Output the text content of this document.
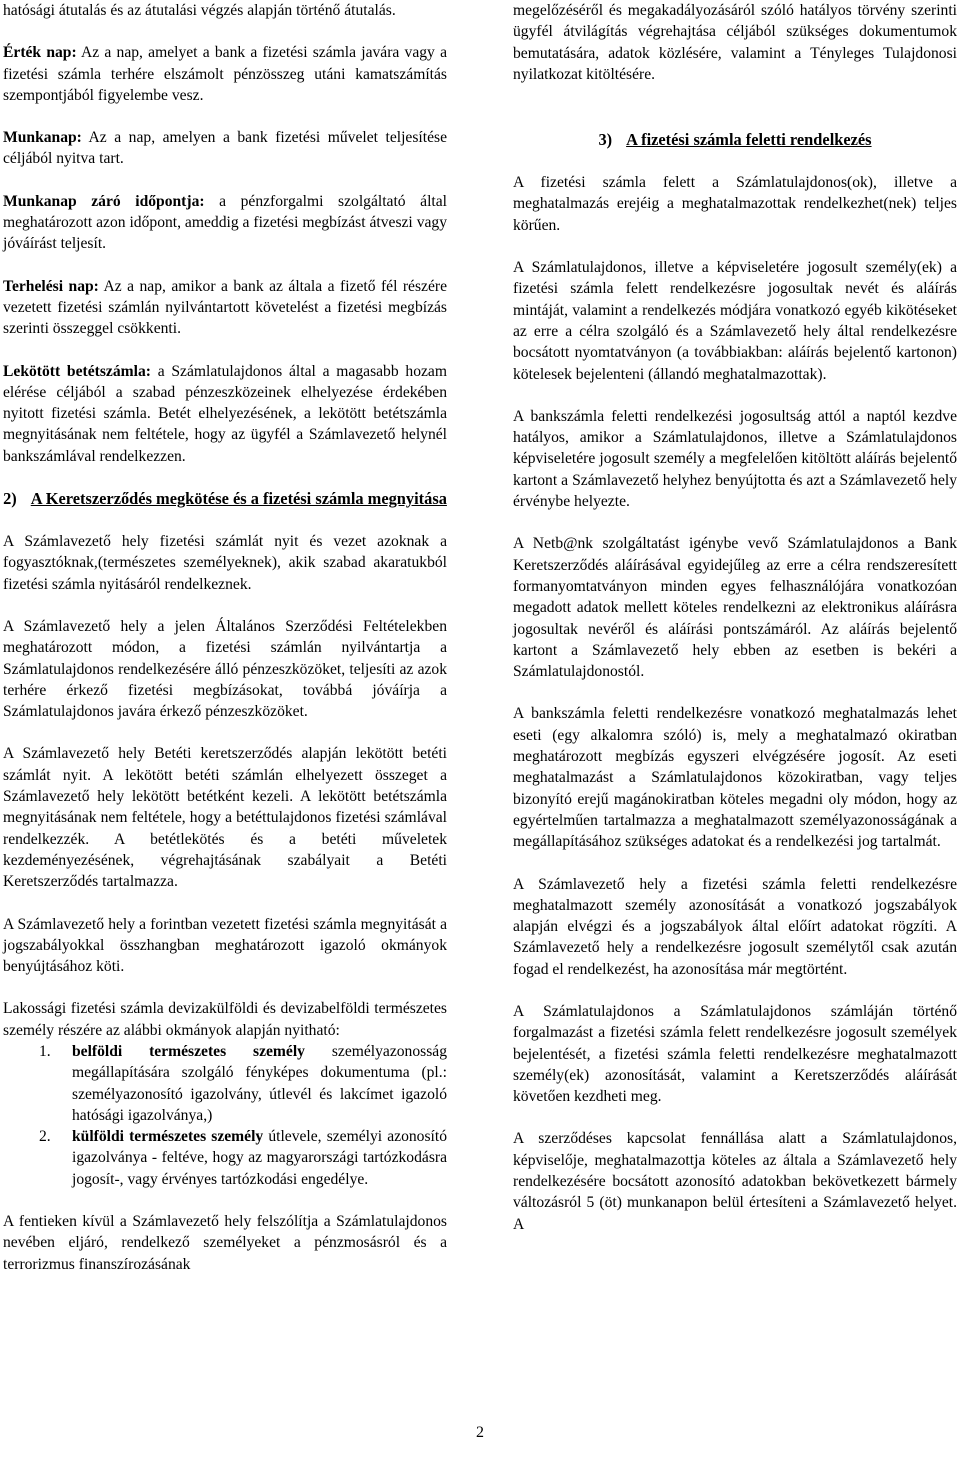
hatósági átutalás és az átutalási végzés alapján történő átutalás.

Érték nap: Az a nap, amelyet a bank a fizetési számla javára vagy a fizetési számla terhére elszámolt pénzösszeg utáni kamatszámítás szempontjából figyelembe vesz.

Munkanap: Az a nap, amelyen a bank fizetési művelet teljesítése céljából nyitva tart.

Munkanap záró időpontja: a pénzforgalmi szolgáltató által meghatározott azon időpont, ameddig a fizetési megbízást átveszi vagy jóváírást teljesít.

Terhelési nap: Az a nap, amikor a bank az általa a fizető fél részére vezetett fizetési számlán nyilvántartott követelést a fizetési megbízás szerinti összeggel csökkenti.

Lekötött betétszámla: a Számlatulajdonos által a magasabb hozam elérése céljából a szabad pénzeszközeinek elhelyezése érdekében nyitott fizetési számla. Betét elhelyezésének, a lekötött betétszámla megnyitásának nem feltétele, hogy az ügyfél a Számlavezető helynél bankszámlával rendelkezzen.

2) A Keretszerződés megkötése és a fizetési számla megnyitása

A Számlavezető hely fizetési számlát nyit és vezet azoknak a fogyasztóknak,(természetes személyeknek), akik szabad akaratukból fizetési számla nyitásáról rendelkeznek.

A Számlavezető hely a jelen Általános Szerződési Feltételekben meghatározott módon, a fizetési számlán nyilvántartja a Számlatulajdonos rendelkezésére álló pénzeszközöket, teljesíti az azok terhére érkező fizetési megbízásokat, továbbá jóváírja a Számlatulajdonos javára érkező pénzeszközöket.

A Számlavezető hely Betéti keretszerződés alapján lekötött betéti számlát nyit. A lekötött betéti számlán elhelyezett összeget a Számlavezető hely lekötött betétként kezeli. A lekötött betétszámla megnyitásának nem feltétele, hogy a betéttulajdonos fizetési számlával rendelkezzék. A betétlekötés és a betéti műveletek kezdeményezésének, végrehajtásának szabályait a Betéti Keretszerződés tartalmazza.

A Számlavezető hely a forintban vezetett fizetési számla megnyitását a jogszabályokkal összhangban meghatározott igazoló okmányok benyújtásához köti.

Lakossági fizetési számla devizakülföldi és devizabelföldi természetes személy részére az alábbi okmányok alapján nyitható:

1. belföldi természetes személy személyazonosság megállapítására szolgáló fényképes dokumentuma (pl.: személyazonosító igazolvány, útlevél és lakcímet igazoló hatósági igazolványa,)
2. külföldi természetes személy útlevele, személyi azonosító igazolványa - feltéve, hogy az magyarországi tartózkodásra jogosít-, vagy érvényes tartózkodási engedélye.

A fentieken kívül a Számlavezető hely felszólítja a Számlatulajdonos nevében eljáró, rendelkező személyeket a pénzmosásról és a terrorizmus finanszírozásának

megelőzéséről és megakadályozásáról szóló hatályos törvény szerinti ügyfél átvilágítás végrehajtása céljából szükséges dokumentumok bemutatására, adatok közlésére, valamint a Tényleges Tulajdonosi nyilatkozat kitöltésére.

3) A fizetési számla feletti rendelkezés

A fizetési számla felett a Számlatulajdonos(ok), illetve a meghatalmazás erejéig a meghatalmazottak rendelkezhet(nek) teljes körűen.

A Számlatulajdonos, illetve a képviseletére jogosult személy(ek) a fizetési számla felett rendelkezésre jogosultak nevét és aláírás mintáját, valamint a rendelkezés módjára vonatkozó egyéb kikötéseket az erre a célra szolgáló és a Számlavezető hely által rendelkezésre bocsátott nyomtatványon (a továbbiakban: aláírás bejelentő kartonon) kötelesek bejelenteni (állandó meghatalmazottak).

A bankszámla feletti rendelkezési jogosultság attól a naptól kezdve hatályos, amikor a Számlatulajdonos, illetve a Számlatulajdonos képviseletére jogosult személy a megfelelően kitöltött aláírás bejelentő kartont a Számlavezető helyhez benyújtotta és azt a Számlavezető hely érvénybe helyezte.

A Netb@nk szolgáltatást igénybe vevő Számlatulajdonos a Bank Keretszerződés aláírásával egyidejűleg az erre a célra rendszeresített formanyomtatványon minden egyes felhasználójára vonatkozóan megadott adatok mellett köteles rendelkezni az elektronikus aláírásra jogosultak nevéről és aláírási pontszámáról. Az aláírás bejelentő kartont a Számlavezető hely ebben az esetben is bekéri a Számlatulajdonostól.

A bankszámla feletti rendelkezésre vonatkozó meghatalmazás lehet eseti (egy alkalomra szóló) is, mely a meghatalmazó okiratban meghatározott megbízás egyszeri elvégzésére jogosít. Az eseti meghatalmazást a Számlatulajdonos közokiratban, vagy teljes bizonyító erejű magánokiratban köteles megadni oly módon, hogy az egyértelműen tartalmazza a meghatalmazott személyazonosságának a megállapításához szükséges adatokat és a rendelkezési jog tartalmát.

A Számlavezető hely a fizetési számla feletti rendelkezésre meghatalmazott személy azonosítását a vonatkozó jogszabályok alapján elvégzi és a jogszabályok által előírt adatokat rögzíti. A Számlavezető hely a rendelkezésre jogosult személytől csak azután fogad el rendelkezést, ha azonosítása már megtörtént.

A Számlatulajdonos a Számlatulajdonos számláján történő forgalmazást a fizetési számla felett rendelkezésre jogosult személyek bejelentését, a fizetési számla feletti rendelkezésre meghatalmazott személy(ek) azonosítását, valamint a Keretszerződés aláírását követően kezdheti meg.

A szerződéses kapcsolat fennállása alatt a Számlatulajdonos, képviselője, meghatalmazottja köteles az általa a Számlavezető hely rendelkezésére bocsátott azonosító adatokban bekövetkezett bármely változásról 5 (öt) munkanapon belül értesíteni a Számlavezető helyet. A

2
